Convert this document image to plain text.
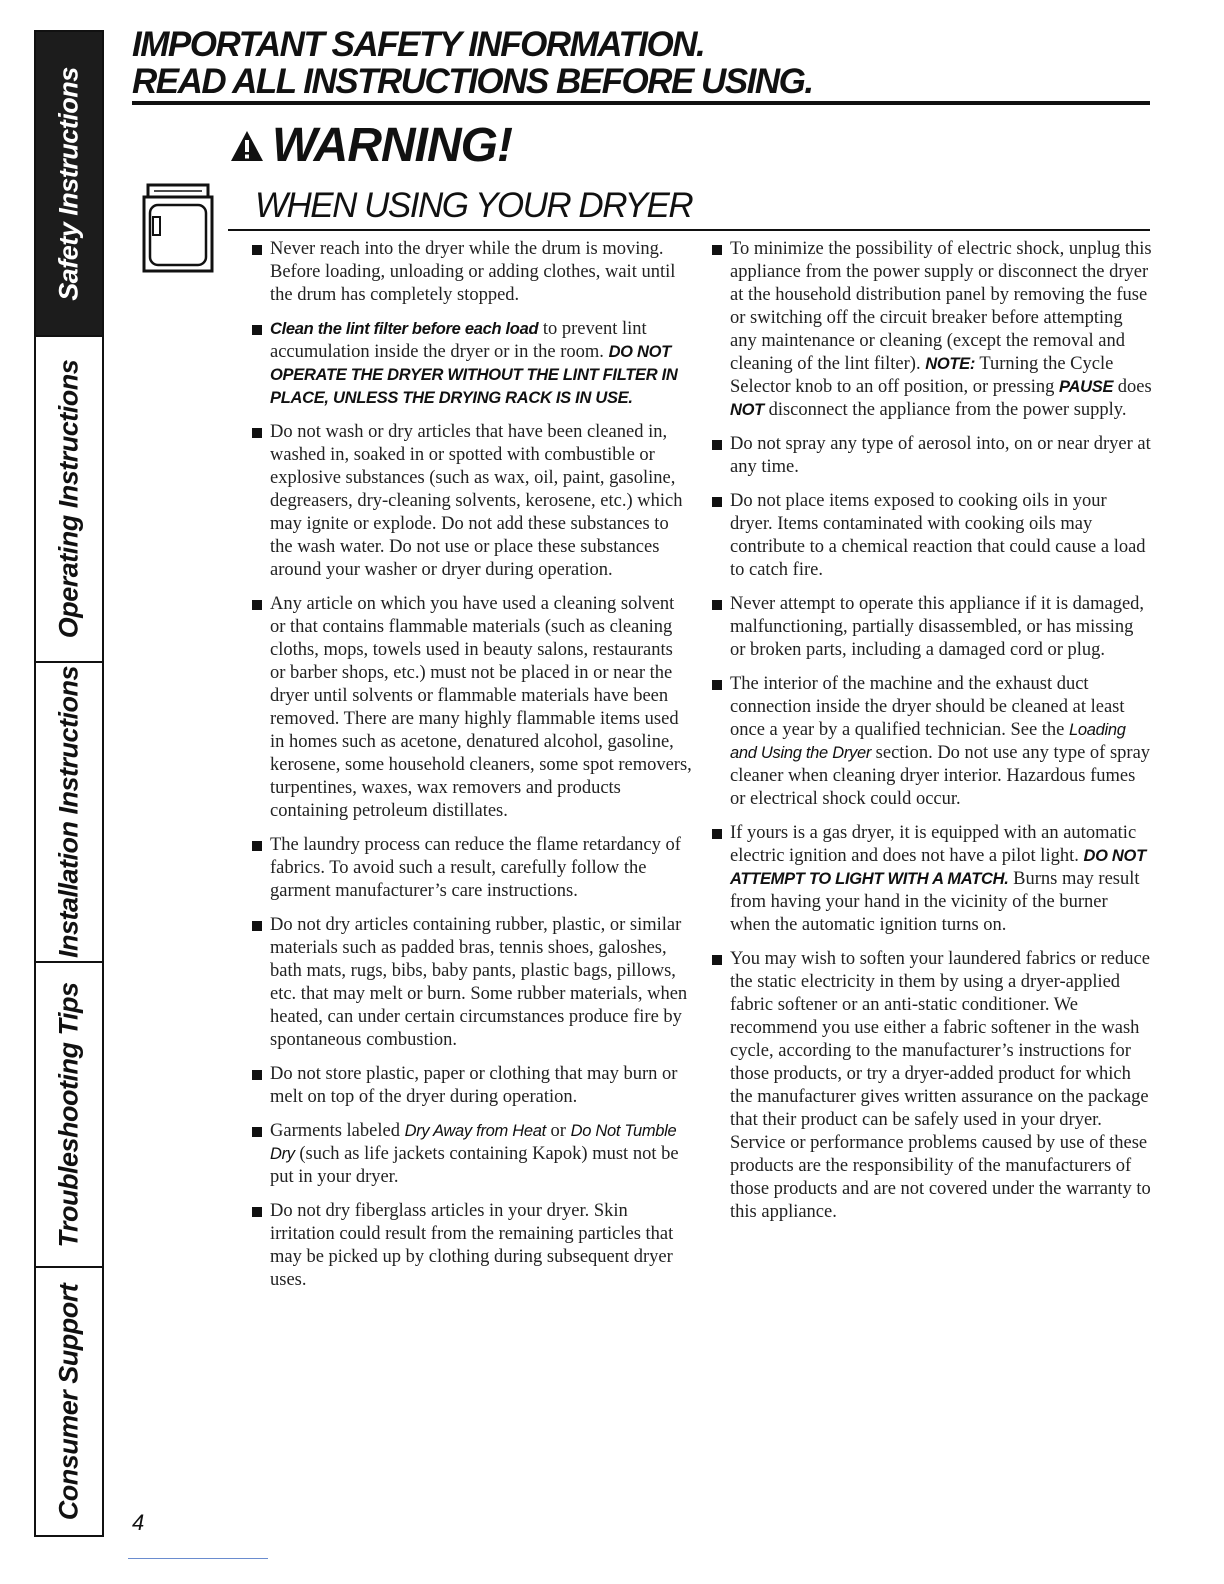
Safety Instructions
Operating Instructions
Installation Instructions
Troubleshooting Tips
Consumer Support
IMPORTANT SAFETY INFORMATION.
READ ALL INSTRUCTIONS BEFORE USING.
WARNING!
WHEN USING YOUR DRYER

Never reach into the dryer while the drum is moving. Before loading, unloading or adding clothes, wait until the drum has completely stopped.

Clean the lint filter before each load to prevent lint accumulation inside the dryer or in the room. DO NOT OPERATE THE DRYER WITHOUT THE LINT FILTER IN PLACE, UNLESS THE DRYING RACK IS IN USE.

Do not wash or dry articles that have been cleaned in, washed in, soaked in or spotted with combustible or explosive substances (such as wax, oil, paint, gasoline, degreasers, dry-cleaning solvents, kerosene, etc.) which may ignite or explode. Do not add these substances to the wash water. Do not use or place these substances around your washer or dryer during operation.

Any article on which you have used a cleaning solvent or that contains flammable materials (such as cleaning cloths, mops, towels used in beauty salons, restaurants or barber shops, etc.) must not be placed in or near the dryer until solvents or flammable materials have been removed. There are many highly flammable items used in homes such as acetone, denatured alcohol, gasoline, kerosene, some household cleaners, some spot removers, turpentines, waxes, wax removers and products containing petroleum distillates.

The laundry process can reduce the flame retardancy of fabrics. To avoid such a result, carefully follow the garment manufacturer’s care instructions.

Do not dry articles containing rubber, plastic, or similar materials such as padded bras, tennis shoes, galoshes, bath mats, rugs, bibs, baby pants, plastic bags, pillows, etc. that may melt or burn. Some rubber materials, when heated, can under certain circumstances produce fire by spontaneous combustion.

Do not store plastic, paper or clothing that may burn or melt on top of the dryer during operation.

Garments labeled Dry Away from Heat or Do Not Tumble Dry (such as life jackets containing Kapok) must not be put in your dryer.

Do not dry fiberglass articles in your dryer. Skin irritation could result from the remaining particles that may be picked up by clothing during subsequent dryer uses.

To minimize the possibility of electric shock, unplug this appliance from the power supply or disconnect the dryer at the household distribution panel by removing the fuse or switching off the circuit breaker before attempting any maintenance or cleaning (except the removal and cleaning of the lint filter). NOTE: Turning the Cycle Selector knob to an off position, or pressing PAUSE does NOT disconnect the appliance from the power supply.

Do not spray any type of aerosol into, on or near dryer at any time.

Do not place items exposed to cooking oils in your dryer. Items contaminated with cooking oils may contribute to a chemical reaction that could cause a load to catch fire.

Never attempt to operate this appliance if it is damaged, malfunctioning, partially disassembled, or has missing or broken parts, including a damaged cord or plug.

The interior of the machine and the exhaust duct connection inside the dryer should be cleaned at least once a year by a qualified technician. See the Loading and Using the Dryer section. Do not use any type of spray cleaner when cleaning dryer interior. Hazardous fumes or electrical shock could occur.

If yours is a gas dryer, it is equipped with an automatic electric ignition and does not have a pilot light. DO NOT ATTEMPT TO LIGHT WITH A MATCH. Burns may result from having your hand in the vicinity of the burner when the automatic ignition turns on.

You may wish to soften your laundered fabrics or reduce the static electricity in them by using a dryer-applied fabric softener or an anti-static conditioner. We recommend you use either a fabric softener in the wash cycle, according to the manufacturer’s instructions for those products, or try a dryer-added product for which the manufacturer gives written assurance on the package that their product can be safely used in your dryer. Service or performance problems caused by use of these products are the responsibility of the manufacturers of those products and are not covered under the warranty to this appliance.

4
